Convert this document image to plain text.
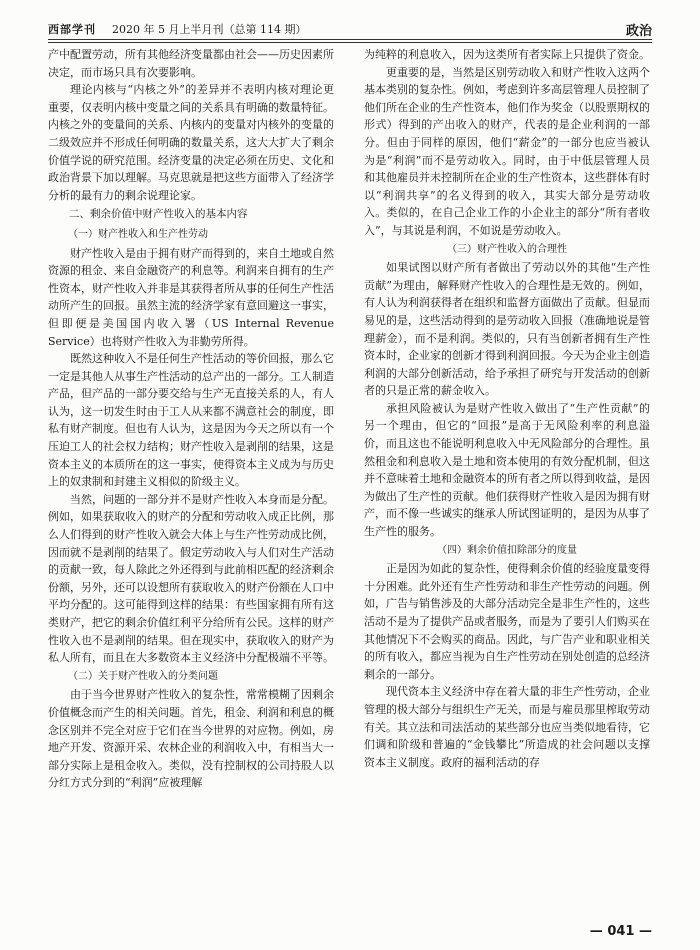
西部学刊 2020 年 5 月上半月刊（总第 114 期）	政治

产中配置劳动，所有其他经济变量都由社会——历史因素所决定，而市场只具有次要影响。

理论内核与“内核之外”的差异并不表明内核对理论更重要，仅表明内核中变量之间的关系具有明确的数量特征。内核之外的变量间的关系、内核内的变量对内核外的变量的二级效应并不形成任何明确的数量关系，这大大扩大了剩余价值学说的研究范围。经济变量的决定必须在历史、文化和政治背景下加以理解。马克思就是把这些方面带入了经济学分析的最有力的剩余说理论家。

二、剩余价值中财产性收入的基本内容
（一）财产性收入和生产性劳动

财产性收入是由于拥有财产而得到的，来自土地或自然资源的租金、来自金融资产的利息等。利润来自拥有的生产性资本，财产性收入并非是其获得者所从事的任何生产性活动所产生的回报。虽然主流的经济学家有意回避这一事实，但即便是美国国内收入署（US Internal Revenue Service）也将财产性收入为非勤劳所得。

既然这种收入不是任何生产性活动的等价回报，那么它一定是其他人从事生产性活动的总产出的一部分。工人制造产品，但产品的一部分要交给与生产无直接关系的人，有人认为，这一切发生时由于工人从来都不满意社会的制度，即私有财产制度。但也有人认为，这是因为今天之所以有一个压迫工人的社会权力结构；财产性收入是剥削的结果，这是资本主义的本质所在的这一事实，使得资本主义成为与历史上的奴隶制和封建主义相似的阶级主义。

当然，问题的一部分并不是财产性收入本身而是分配。例如，如果获取收入的财产的分配和劳动收入成正比例，那么人们得到的财产性收入就会大体上与生产性劳动成比例，因而就不是剥削的结果了。假定劳动收入与人们对生产活动的贡献一致，每人除此之外还得到与此前相匹配的经济剩余份额，另外，还可以设想所有获取收入的财产份额在人口中平均分配的。这可能得到这样的结果：有些国家拥有所有这类财产，把它的剩余价值红利平分给所有公民。这样的财产性收入也不是剥削的结果。但在现实中，获取收入的财产为私人所有，而且在大多数资本主义经济中分配极端不平等。

（二）关于财产性收入的分类问题

由于当今世界财产性收入的复杂性，常常模糊了因剩余价值概念而产生的相关问题。首先，租金、利润和利息的概念区别并不完全对应于它们在当今世界的对应物。例如，房地产开发、资源开采、农林企业的利润收入中，有相当大一部分实际上是租金收入。类似，没有控制权的公司持股人以分红方式分到的“利润”应被理解

为纯粹的利息收入，因为这类所有者实际上只提供了资金。

更重要的是，当然是区别劳动收入和财产性收入这两个基本类别的复杂性。例如，考虑到许多高层管理人员控制了他们所在企业的生产性资本，他们作为奖金（以股票期权的形式）得到的产出收入的财产，代表的是企业利润的一部分。但由于同样的原因，他们“薪金”的一部分也应当被认为是“利润”而不是劳动收入。同时，由于中低层管理人员和其他雇员并未控制所在企业的生产性资本，这些群体有时以“利润共享”的名义得到的收入，其实大部分是劳动收入。类似的，在自己企业工作的小企业主的部分“所有者收入”，与其说是利润，不如说是劳动收入。

（三）财产性收入的合理性

如果试图以财产所有者做出了劳动以外的其他“生产性贡献”为理由，解释财产性收入的合理性是无效的。例如，有人认为利润获得者在组织和监督方面做出了贡献。但显而易见的是，这些活动得到的是劳动收入回报（准确地说是管理薪金），而不是利润。类似的，只有当创新者拥有生产性资本时，企业家的创新才得到利润回报。今天为企业主创造利润的大部分创新活动，给予承担了研究与开发活动的创新者的只是正常的薪金收入。

承担风险被认为是财产性收入做出了“生产性贡献”的另一个理由，但它的“回报”是高于无风险利率的利息溢价，而且这也不能说明利息收入中无风险部分的合理性。虽然租金和利息收入是土地和资本使用的有效分配机制，但这并不意味着土地和金融资本的所有者之所以得到收益，是因为做出了生产性的贡献。他们获得财产性收入是因为拥有财产，而不像一些诚实的继承人所试图证明的，是因为从事了生产性的服务。

（四）剩余价值扣除部分的度量

正是因为如此的复杂性，使得剩余价值的经验度量变得十分困难。此外还有生产性劳动和非生产性劳动的问题。例如，广告与销售涉及的大部分活动完全是非生产性的，这些活动不是为了提供产品或者服务，而是为了要引人们购买在其他情况下不会购买的商品。因此，与广告产业和职业相关的所有收入，都应当视为自生产性劳动在别处创造的总经济剩余的一部分。

现代资本主义经济中存在着大量的非生产性劳动，企业管理的极大部分与组织生产无关，而是与雇员那里榨取劳动有关。其立法和司法活动的某些部分也应当类似地看待，它们调和阶级和普遍的“金钱攀比”所造成的社会问题以支撑资本主义制度。政府的福利活动的存

— 041 —
